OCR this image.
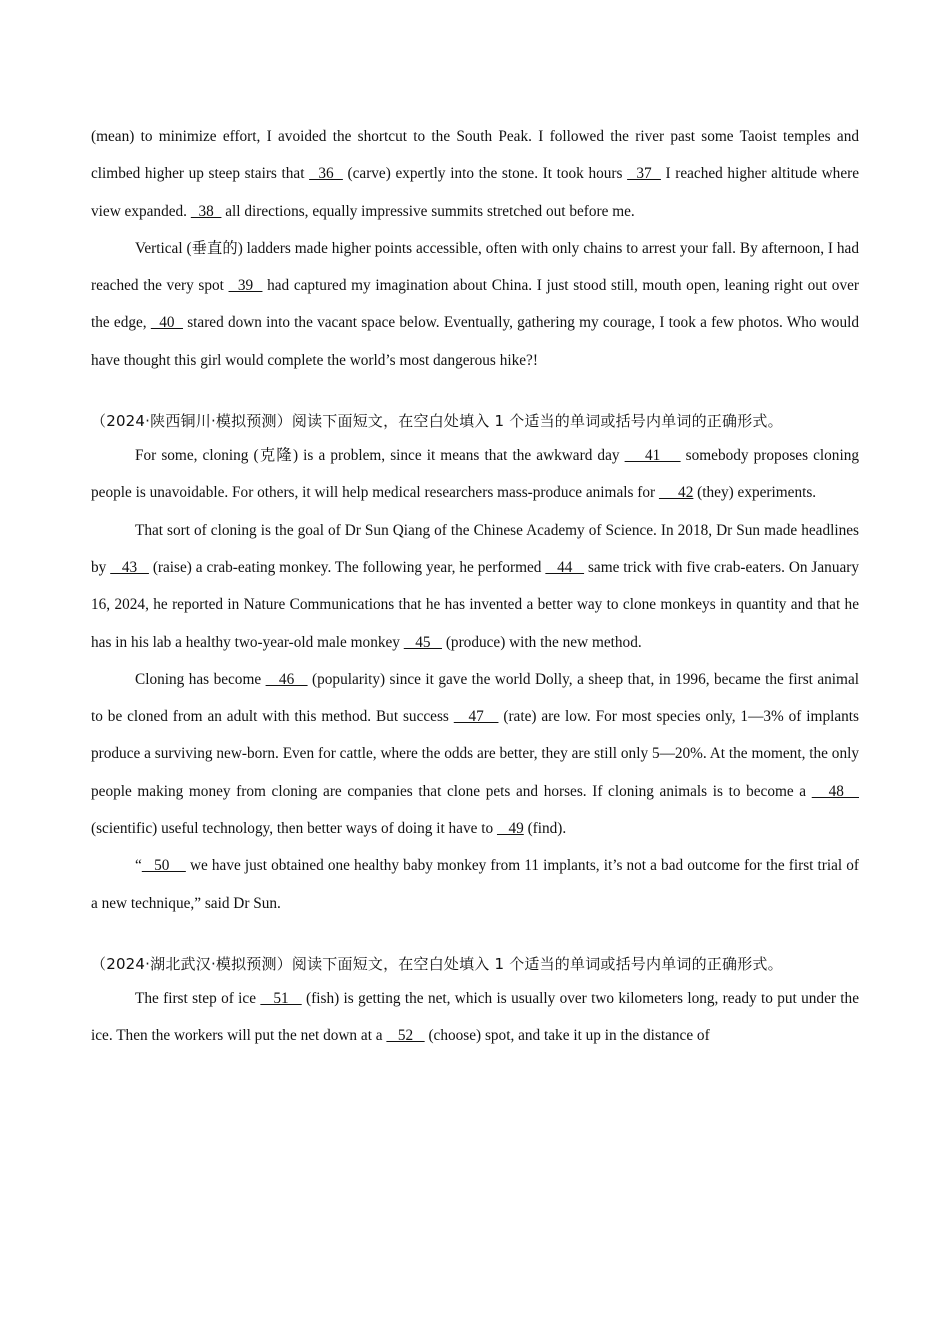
(mean) to minimize effort, I avoided the shortcut to the South Peak. I followed the river past some Taoist temples and climbed higher up steep stairs that   36   (carve) expertly into the stone. It took hours   37   I reached higher altitude where view expanded.   38   all directions, equally impressive summits stretched out before me.

Vertical (垂直的) ladders made higher points accessible, often with only chains to arrest your fall. By afternoon, I had reached the very spot   39   had captured my imagination about China. I just stood still, mouth open, leaning right out over the edge,   40   stared down into the vacant space below. Eventually, gathering my courage, I took a few photos. Who would have thought this girl would complete the world’s most dangerous hike?!

（2024·陕西铜川·模拟预测）阅读下面短文，在空白处填入 1 个适当的单词或括号内单词的正确形式。

For some, cloning (克隆) is a problem, since it means that the awkward day     41     somebody proposes cloning people is unavoidable. For others, it will help medical researchers mass-produce animals for      42 (they) experiments.

That sort of cloning is the goal of Dr Sun Qiang of the Chinese Academy of Science. In 2018, Dr Sun made headlines by    43    (raise) a crab-eating monkey. The following year, he performed    44    same trick with five crab-eaters. On January 16, 2024, he reported in Nature Communications that he has invented a better way to clone monkeys in quantity and that he has in his lab a healthy two-year-old male monkey    45    (produce) with the new method.

Cloning has become    46    (popularity) since it gave the world Dolly, a sheep that, in 1996, became the first animal to be cloned from an adult with this method. But success    47    (rate) are low. For most species only, 1—3% of implants produce a surviving new-born. Even for cattle, where the odds are better, they are still only 5—20%. At the moment, the only people making money from cloning are companies that clone pets and horses. If cloning animals is to become a    48    (scientific) useful technology, then better ways of doing it have to    49 (find).

“   50     we have just obtained one healthy baby monkey from 11 implants, it’s not a bad outcome for the first trial of a new technique,” said Dr Sun.

（2024·湖北武汉·模拟预测）阅读下面短文，在空白处填入 1 个适当的单词或括号内单词的正确形式。

The first step of ice    51    (fish) is getting the net, which is usually over two kilometers long, ready to put under the ice. Then the workers will put the net down at a    52    (choose) spot, and take it up in the distance of
